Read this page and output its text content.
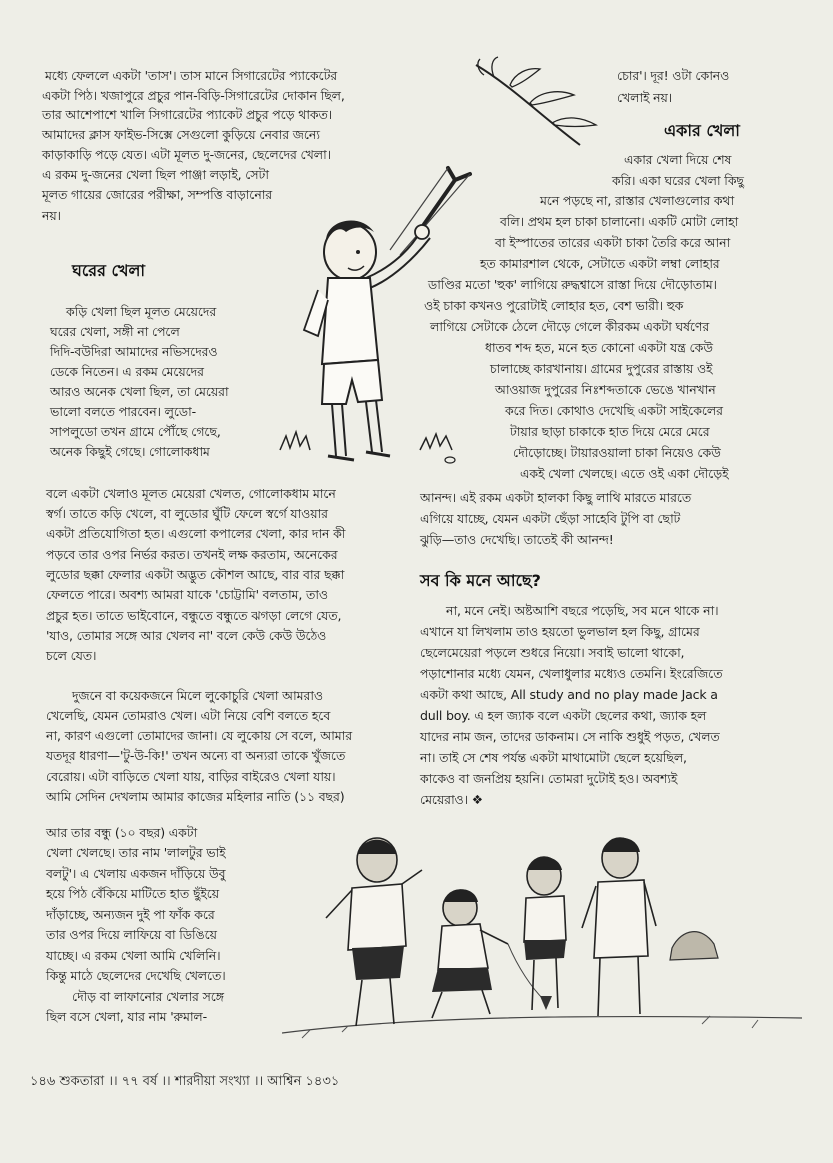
মধ্যে ফেললে একটা 'তাস'। তাস মানে সিগারেটের প্যাকেটের
একটা পিঠ। খজাপুরে প্রচুর পান-বিড়ি-সিগারেটের দোকান ছিল,
তার আশেপাশে খালি সিগারেটের প্যাকেট প্রচুর পড়ে থাকত।
আমাদের ক্লাস ফাইভ-সিক্সে সেগুলো কুড়িয়ে নেবার জন্যে
কাড়াকাড়ি পড়ে যেত। এটা মূলত দু-জনের, ছেলেদের খেলা।
এ রকম দু-জনের খেলা ছিল পাঞ্জা লড়াই, সেটা
মূলত গায়ের জোরের পরীক্ষা, সম্পত্তি বাড়ানোর
নয়।
ঘরের খেলা
কড়ি খেলা ছিল মূলত মেয়েদের
ঘরের খেলা, সঙ্গী না পেলে
দিদি-বউদিরা আমাদের নভিসদেরও
ডেকে নিতেন। এ রকম মেয়েদের
আরও অনেক খেলা ছিল, তা মেয়েরা
ভালো বলতে পারবেন। লুডো-
সাপলুডো তখন গ্রামে পৌঁছে গেছে,
অনেক কিছুই গেছে। গোলোকধাম
বলে একটা খেলাও মূলত মেয়েরা খেলত, গোলোকধাম মানে
স্বর্গ। তাতে কড়ি খেলে, বা লুডোর ঘুঁটি ফেলে স্বর্গে যাওয়ার
একটা প্রতিযোগিতা হত। এগুলো কপালের খেলা, কার দান কী
পড়বে তার ওপর নির্ভর করত। তখনই লক্ষ করতাম, অনেকের
লুডোর ছক্কা ফেলার একটা অদ্ভুত কৌশল আছে, বার বার ছক্কা
ফেলতে পারে। অবশ্য আমরা যাকে 'চোট্টামি' বলতাম, তাও
প্রচুর হত। তাতে ভাইবোনে, বন্ধুতে বন্ধুতে ঝগড়া লেগে যেত,
'যাও, তোমার সঙ্গে আর খেলব না' বলে কেউ কেউ উঠেও
চলে যেত।
দুজনে বা কয়েকজনে মিলে লুকোচুরি খেলা আমরাও
খেলেছি, যেমন তোমরাও খেল। এটা নিয়ে বেশি বলতে হবে
না, কারণ এগুলো তোমাদের জানা। যে লুকোয় সে বলে, আমার
যতদূর ধারণা—'টু-উ-কি!' তখন অন্যে বা অন্যরা তাকে খুঁজতে
বেরোয়। এটা বাড়িতে খেলা যায়, বাড়ির বাইরেও খেলা যায়।
আমি সেদিন দেখলাম আমার কাজের মহিলার নাতি (১১ বছর)
আর তার বন্ধু (১০ বছর) একটা
খেলা খেলছে। তার নাম 'লালটুর ভাই
বলটু'। এ খেলায় একজন দাঁড়িয়ে উবু
হয়ে পিঠ বেঁকিয়ে মাটিতে হাত ছুঁইয়ে
দাঁড়াচ্ছে, অন্যজন দুই পা ফাঁক করে
তার ওপর দিয়ে লাফিয়ে বা ডিঙিয়ে
যাচ্ছে। এ রকম খেলা আমি খেলিনি।
কিন্তু মাঠে ছেলেদের দেখেছি খেলতে।
দৌড় বা লাফানোর খেলার সঙ্গে
ছিল বসে খেলা, যার নাম 'রুমাল-
চোর'। দূর! ওটা কোনও
খেলাই নয়।
একার খেলা
একার খেলা দিয়ে শেষ
করি। একা ঘরের খেলা কিছু
মনে পড়ছে না, রাস্তার খেলাগুলোর কথা
বলি। প্রথম হল চাকা চালানো। একটি মোটা লোহা
বা ইস্পাতের তারের একটা চাকা তৈরি করে আনা
হত কামারশাল থেকে, সেটাতে একটা লম্বা লোহার
ডাণ্ডির মতো 'হুক' লাগিয়ে রুদ্ধশ্বাসে রাস্তা দিয়ে দৌড়োতাম।
ওই চাকা কখনও পুরোটাই লোহার হত, বেশ ভারী। হুক
লাগিয়ে সেটাকে ঠেলে দৌড়ে গেলে কীরকম একটা ঘর্ষণের
ধাতব শব্দ হত, মনে হত কোনো একটা যন্ত্র কেউ
চালাচ্ছে কারখানায়। গ্রামের দুপুরের রাস্তায় ওই
আওয়াজ দুপুরের নিঃশব্দতাকে ভেঙে খানখান
করে দিত। কোথাও দেখেছি একটা সাইকেলের
টায়ার ছাড়া চাকাকে হাত দিয়ে মেরে মেরে
দৌড়োচ্ছে। টায়ারওয়ালা চাকা নিয়েও কেউ
একই খেলা খেলছে। এতে ওই একা দৌড়েই
আনন্দ। এই রকম একটা হালকা কিছু লাথি মারতে মারতে
এগিয়ে যাচ্ছে, যেমন একটা ছেঁড়া সাহেবি টুপি বা ছোট
ঝুড়ি—তাও দেখেছি। তাতেই কী আনন্দ!
সব কি মনে আছে?
না, মনে নেই। অষ্টআশি বছরে পড়েছি, সব মনে থাকে না।
এখানে যা লিখলাম তাও হয়তো ভুলভাল হল কিছু, গ্রামের
ছেলেমেয়েরা পড়লে শুধরে নিয়ো। সবাই ভালো থাকো,
পড়াশোনার মধ্যে যেমন, খেলাধুলার মধ্যেও তেমনি। ইংরেজিতে
একটা কথা আছে, All study and no play made Jack a
dull boy. এ হল জ্যাক বলে একটা ছেলের কথা, জ্যাক হল
যাদের নাম জন, তাদের ডাকনাম। সে নাকি শুধুই পড়ত, খেলত
না। তাই সে শেষ পর্যন্ত একটা মাথামোটা ছেলে হয়েছিল,
কাকেও বা জনপ্রিয় হয়নি। তোমরা দুটোই হও। অবশ্যই
মেয়েরাও। ❖
১৪৬ শুকতারা ।। ৭৭ বর্ষ ।। শারদীয়া সংখ্যা ।। আশ্বিন ১৪৩১
